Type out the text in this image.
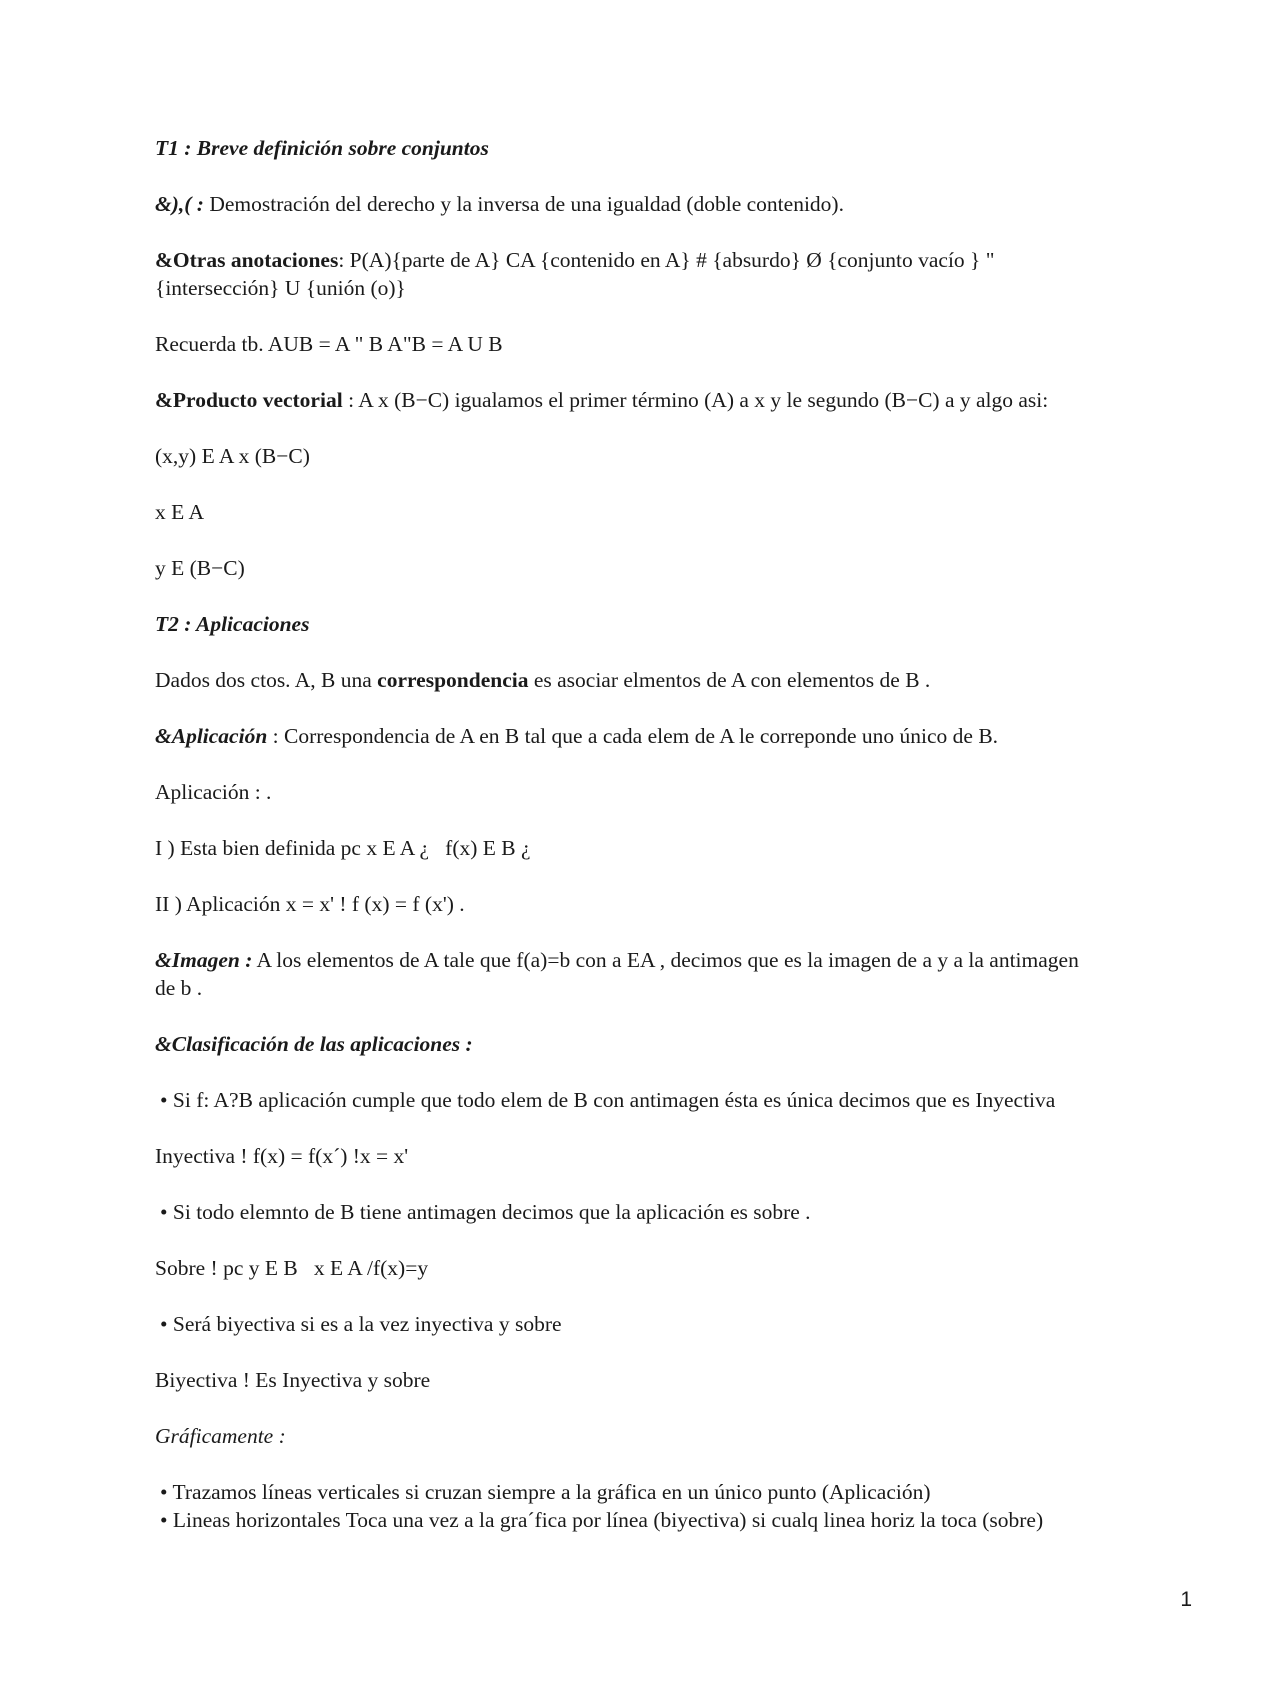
T1 : Breve definición sobre conjuntos
&),( : Demostración del derecho y la inversa de una igualdad (doble contenido).
&Otras anotaciones: P(A){parte de A} CA {contenido en A} # {absurdo} Ø {conjunto vacío } "
{intersección} U {unión (o)}
Recuerda tb. AUB = A " B A"B = A U B
&Producto vectorial : A x (B−C) igualamos el primer término (A) a x y le segundo (B−C) a y algo asi:
(x,y) E A x (B−C)
x E A
y E (B−C)
T2 : Aplicaciones
Dados dos ctos. A, B una correspondencia es asociar elmentos de A con elementos de B .
&Aplicación : Correspondencia de A en B tal que a cada elem de A le correponde uno único de B.
Aplicación : .
I ) Esta bien definida pc x E A ¿   f(x) E B ¿
II ) Aplicación x = x' ! f (x) = f (x') .
&Imagen : A los elementos de A tale que f(a)=b con a EA , decimos que es la imagen de a y a la antimagen
de b .
&Clasificación de las aplicaciones :
• Si f: A?B aplicación cumple que todo elem de B con antimagen ésta es única decimos que es Inyectiva
Inyectiva ! f(x) = f(x´) !x = x'
• Si todo elemnto de B tiene antimagen decimos que la aplicación es sobre .
Sobre ! pc y E B   x E A /f(x)=y
• Será biyectiva si es a la vez inyectiva y sobre
Biyectiva ! Es Inyectiva y sobre
Gráficamente :
• Trazamos líneas verticales si cruzan siempre a la gráfica en un único punto (Aplicación)
• Lineas horizontales Toca una vez a la gra´fica por línea (biyectiva) si cualq linea horiz la toca (sobre)
1
